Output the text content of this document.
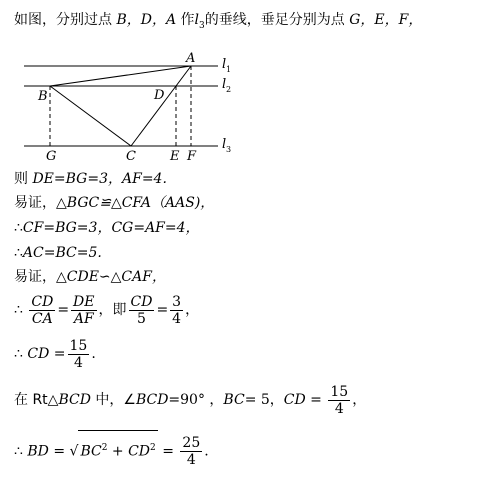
如图，分别过点 B，D，A 作$l_3$的垂线，垂足分别为点 G，E，F，
A
B	D
G	C	E F
l 1
l 2
l 3
则 DE=BG=3，AF=4.
易证，△BGC≌△CFA（AAS)，
∴CF=BG=3，CG=AF=4，
∴AC=BC=5.
易证，△CDE∽△CAF，
∴ $\frac{CD}{CA} = \frac{DE}{AF}$ ，即 $\frac{CD}{5} = \frac{3}{4}$ ，
∴ CD = $\frac{15}{4}$ .
在 Rt△BCD 中，∠BCD=90° ，BC= 5，CD = $\frac{15}{4}$ ，
∴ BD = √ $BC^2 + CD^2 = \frac{25}{4}$ .
